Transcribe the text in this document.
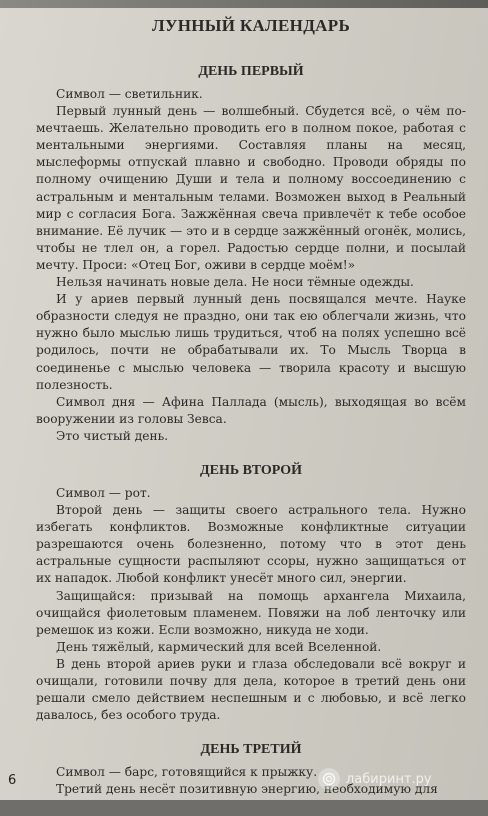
ЛУННЫЙ КАЛЕНДАРЬ
ДЕНЬ ПЕРВЫЙ

Символ — светильник.

Первый лунный день — волшебный. Сбудется всё, о чём по-мечтаешь. Желательно проводить его в полном покое, работая с ментальными энергиями. Составляя планы на месяц, мыслеформы отпускай плавно и свободно. Проводи обряды по полному очищению Души и тела и полному воссоединению с астральным и ментальным телами. Возможен выход в Реальный мир с согласия Бога. Зажжённая свеча привлечёт к тебе особое внимание. Её лучик — это и в сердце зажжённый огонёк, молись, чтобы не тлел он, а горел. Радостью сердце полни, и посылай мечту. Проси: «Отец Бог, оживи в сердце моём!»

Нельзя начинать новые дела. Не носи тёмные одежды.

И у ариев первый лунный день посвящался мечте. Науке образности следуя не праздно, они так ею облегчали жизнь, что нужно было мыслью лишь трудиться, чтоб на полях успешно всё родилось, почти не обрабатывали их. То Мысль Творца в соединенье с мыслью человека — творила красоту и высшую полезность.

Символ дня — Афина Паллада (мысль), выходящая во всём вооружении из головы Зевса.

Это чистый день.

ДЕНЬ ВТОРОЙ

Символ — рот.

Второй день — защиты своего астрального тела. Нужно избегать конфликтов. Возможные конфликтные ситуации разрешаются очень болезненно, потому что в этот день астральные сущности распыляют ссоры, нужно защищаться от их нападок. Любой конфликт унесёт много сил, энергии.

Защищайся: призывай на помощь архангела Михаила, очищайся фиолетовым пламенем. Повяжи на лоб ленточку или ремешок из кожи. Если возможно, никуда не ходи.

День тяжёлый, кармический для всей Вселенной.

В день второй ариев руки и глаза обследовали всё вокруг и очищали, готовили почву для дела, которое в третий день они решали смело действием неспешным и с любовью, и всё легко давалось, без особого труда.

ДЕНЬ ТРЕТИЙ

Символ — барс, готовящийся к прыжку.

Третий день несёт позитивную энергию, необходимую для

6	лабиринт.ру
